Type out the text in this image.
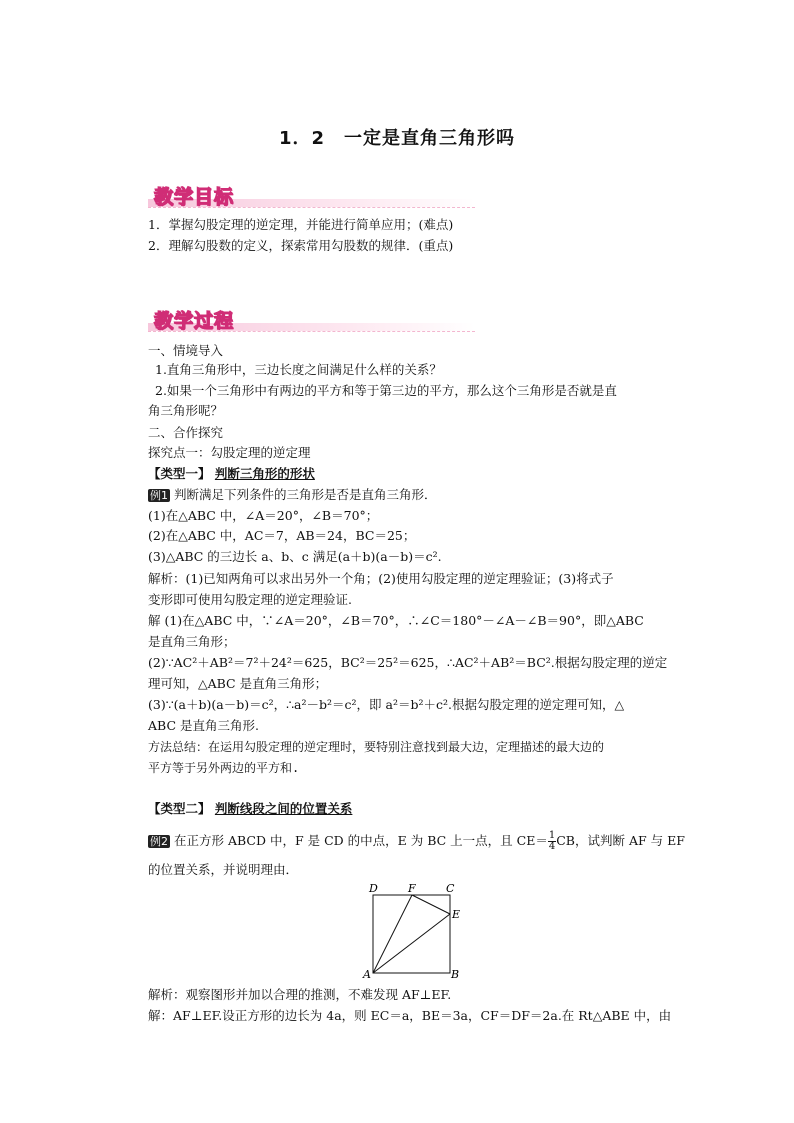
1．2　一定是直角三角形吗
教学目标
1．掌握勾股定理的逆定理，并能进行简单应用；(难点)
2．理解勾股数的定义，探索常用勾股数的规律．(重点)
教学过程
一、情境导入
1.直角三角形中，三边长度之间满足什么样的关系？
2.如果一个三角形中有两边的平方和等于第三边的平方，那么这个三角形是否就是直
角三角形呢？
二、合作探究
探究点一：勾股定理的逆定理
【类型一】 判断三角形的形状
例1 判断满足下列条件的三角形是否是直角三角形．
(1)在△ABC 中，∠A＝20°，∠B＝70°；
(2)在△ABC 中，AC＝7，AB＝24，BC＝25；
(3)△ABC 的三边长 a、b、c 满足(a＋b)(a－b)＝c².
解析：(1)已知两角可以求出另外一个角；(2)使用勾股定理的逆定理验证；(3)将式子
变形即可使用勾股定理的逆定理验证.
解 (1)在△ABC 中，∵∠A＝20°，∠B＝70°，∴∠C＝180°－∠A－∠B＝90°，即△ABC
是直角三角形；
(2)∵AC²＋AB²＝7²＋24²＝625，BC²＝25²＝625，∴AC²＋AB²＝BC².根据勾股定理的逆定
理可知，△ABC 是直角三角形；
(3)∵(a＋b)(a－b)＝c²，∴a²－b²＝c²，即 a²＝b²＋c².根据勾股定理的逆定理可知，△
ABC 是直角三角形.
方法总结：在运用勾股定理的逆定理时，要特别注意找到最大边，定理描述的最大边的
平方等于另外两边的平方和.
【类型二】 判断线段之间的位置关系
例2 在正方形 ABCD 中，F 是 CD 的中点，E 为 BC 上一点，且 $CE= \frac{1}{4}$ CB，试判断 AF 与 EF
的位置关系，并说明理由．
D	F	C
E
A	B
解析：观察图形并加以合理的推测，不难发现 AF⊥EF.
解：AF⊥EF.设正方形的边长为 4a，则 EC＝a，BE＝3a，CF＝DF＝2a.在 Rt△ABE 中，由
